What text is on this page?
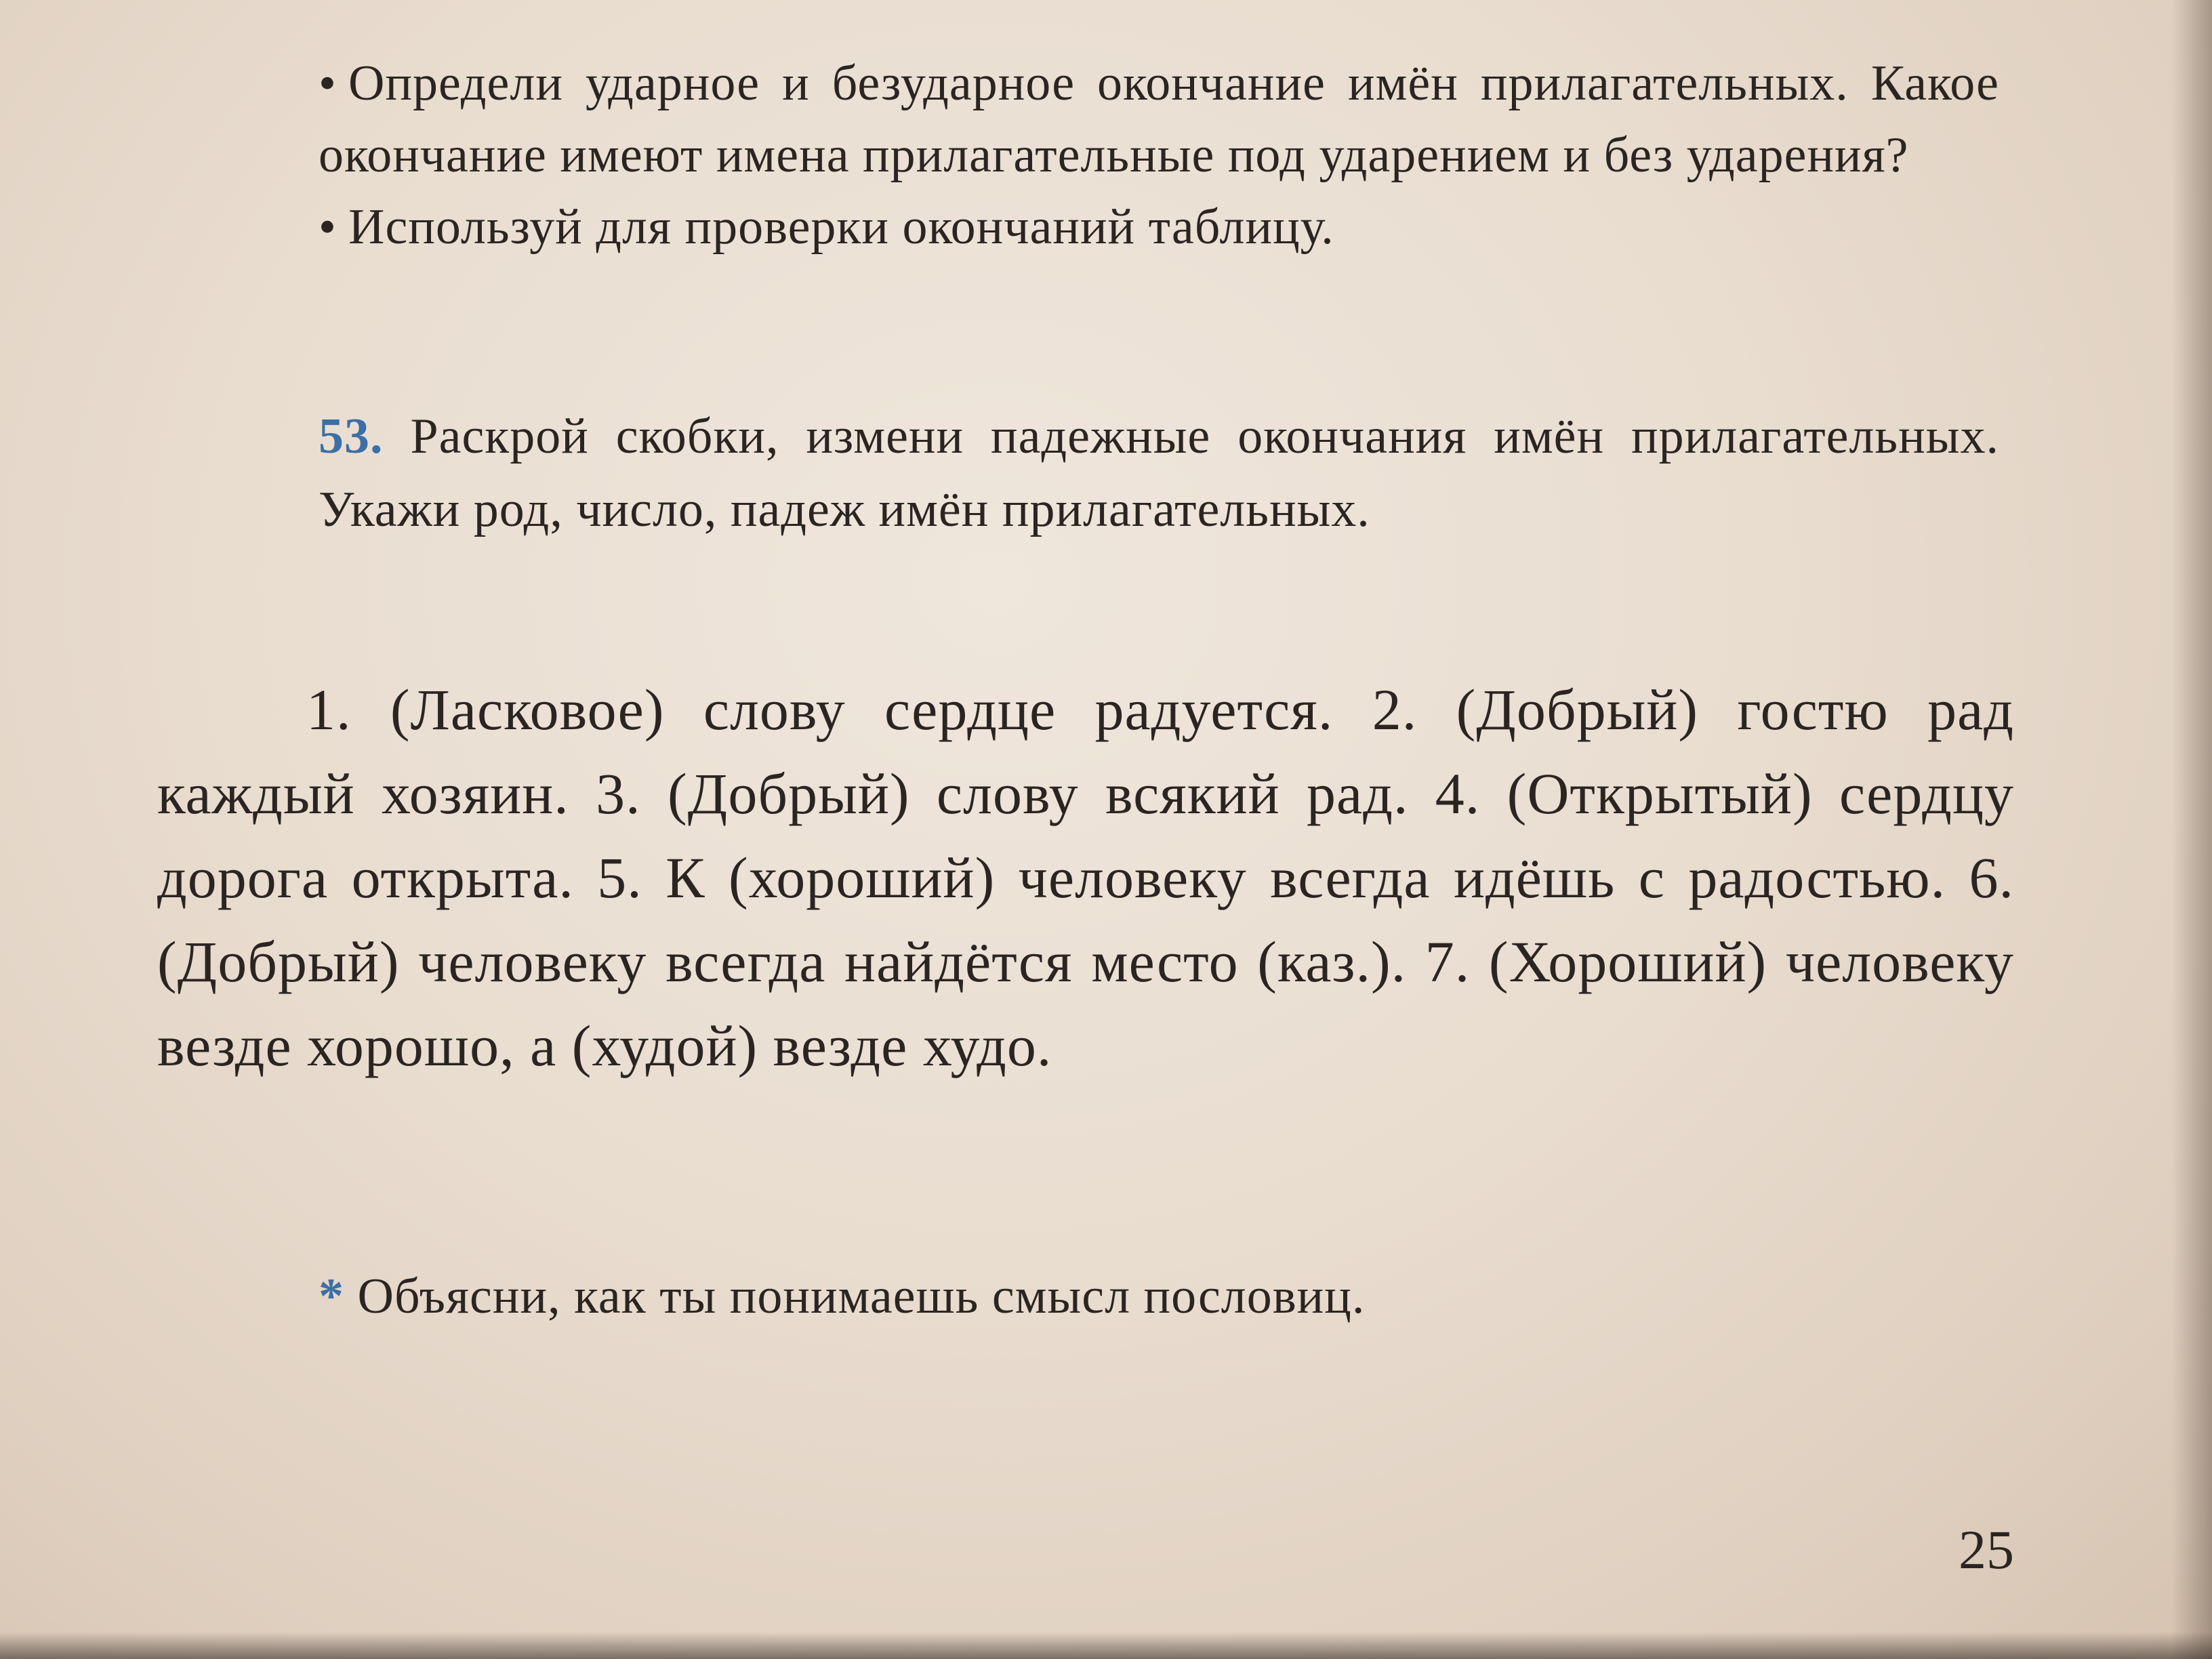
• Определи ударное и безударное окончание имён прилагательных. Какое окончание имеют имена прилагательные под ударением и без ударения?

• Используй для проверки окончаний таблицу.

53. Раскрой скобки, измени падежные окончания имён прилагательных. Укажи род, число, падеж имён прилагательных.
1. (Ласковое) слову сердце радуется. 2. (Добрый) гостю рад каждый хозяин. 3. (Добрый) слову всякий рад. 4. (Открытый) сердцу дорога открыта. 5. К (хороший) человеку всегда идёшь с радостью. 6. (Добрый) человеку всегда найдётся место (каз.). 7. (Хороший) человеку везде хорошо, а (худой) везде худо.
* Объясни, как ты понимаешь смысл пословиц.
25
